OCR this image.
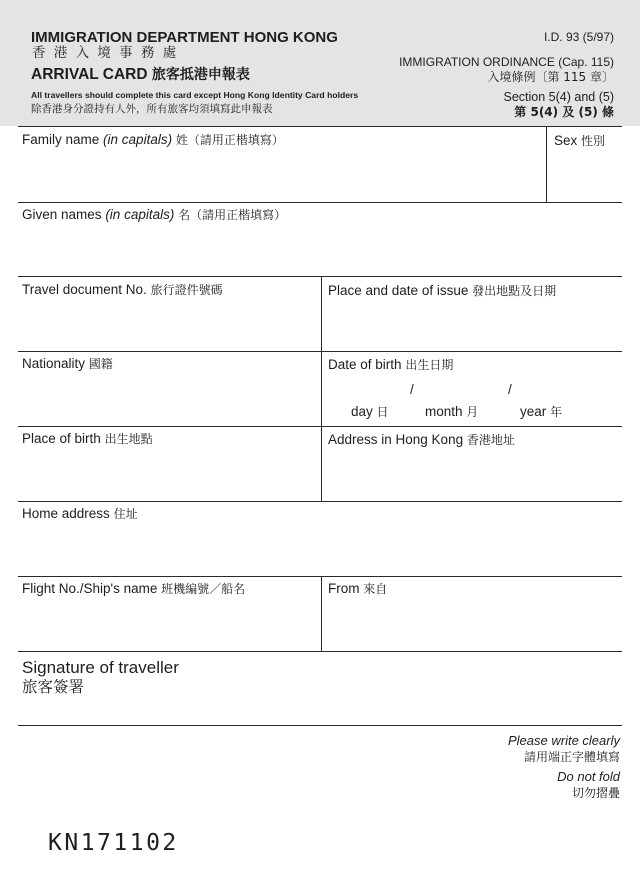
IMMIGRATION DEPARTMENT HONG KONG
香 港 入 境 事 務 處
ARRIVAL CARD 旅客抵港申報表
All travellers should complete this card except Hong Kong Identity Card holders
除香港身分證持有人外，所有旅客均須填寫此申報表
I.D. 93 (5/97)
IMMIGRATION ORDINANCE (Cap. 115)
入境條例〔第 115 章〕
Section 5(4) and (5)
第 5(4) 及 (5) 條
Family name (in capitals) 姓（請用正楷填寫）	Sex 性別
Given names (in capitals) 名（請用正楷填寫）
Travel document No. 旅行證件號碼	Place and date of issue 發出地點及日期
Nationality 國籍	Date of birth 出生日期
/	/
day 日	month 月	year 年
Place of birth 出生地點	Address in Hong Kong 香港地址
Home address 住址
Flight No./Ship's name 班機編號／船名	From 來自
Signature of traveller
旅客簽署
Please write clearly
請用端正字體填寫
Do not fold
切勿摺疊
KN171102
